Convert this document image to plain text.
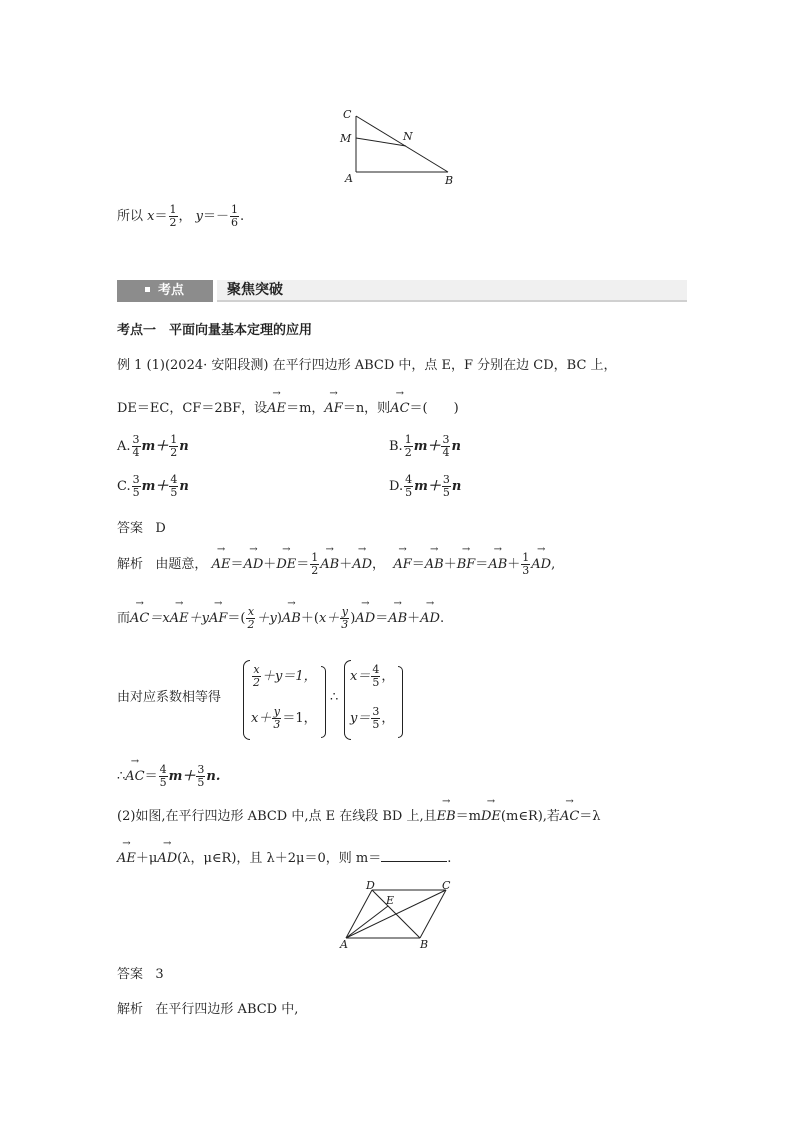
C
M	N
A	B
所以 $x= \frac{1}{2}$ ， $y=- \frac{1}{6}$ .
考点	聚焦突破
考点一　平面向量基本定理的应用
例 1 (1)(2024· 安阳段测) 在平行四边形 ABCD 中，点 E，F 分别在边 CD，BC 上，
DE＝EC，CF＝2BF，设→ AE＝m，→ AF＝n，则→ AC＝(　　)
A. $\frac{3}{4} m+ \frac{1}{2}$ n	B. $\frac{1}{2} m+ \frac{3}{4}$ n
C. $\frac{3}{5} m+ \frac{4}{5}$ n	D. $\frac{4}{5} m+ \frac{3}{5}$ n
答案 D
解析 由题意， → $AE=\to AD+\to DE= \frac{1}{2}$
→ AB＋→ AD，  → $AF=\to AB+\to BF=\to AB+ \frac{1}{3}$
→ AD,
而→ $AC=x\to AE+y\to AF=( \frac{x}{2} +y)\to AB+(x+ \frac{y}{3}$ )→ AD＝→ AB＋→ AD.
由对应系数相等得
$\frac{x}{2} +y=1$，
$x+ \frac{y}{3} =1$，
∴
$x= \frac{4}{5}$ ，
$y= \frac{3}{5}$ ，
∴→ $AC= \frac{4}{5} m+ \frac{3}{5} n$.
(2)如图,在平行四边形 ABCD 中,点 E 在线段 BD 上,且→ EB＝m→ DE(m∈R),若→ AC＝λ
→ AE＋μ→ AD(λ，μ∈R)，且 λ＋2μ＝0，则 m＝	.
D	C
E
A	B
答案 3
解析 在平行四边形 ABCD 中,
